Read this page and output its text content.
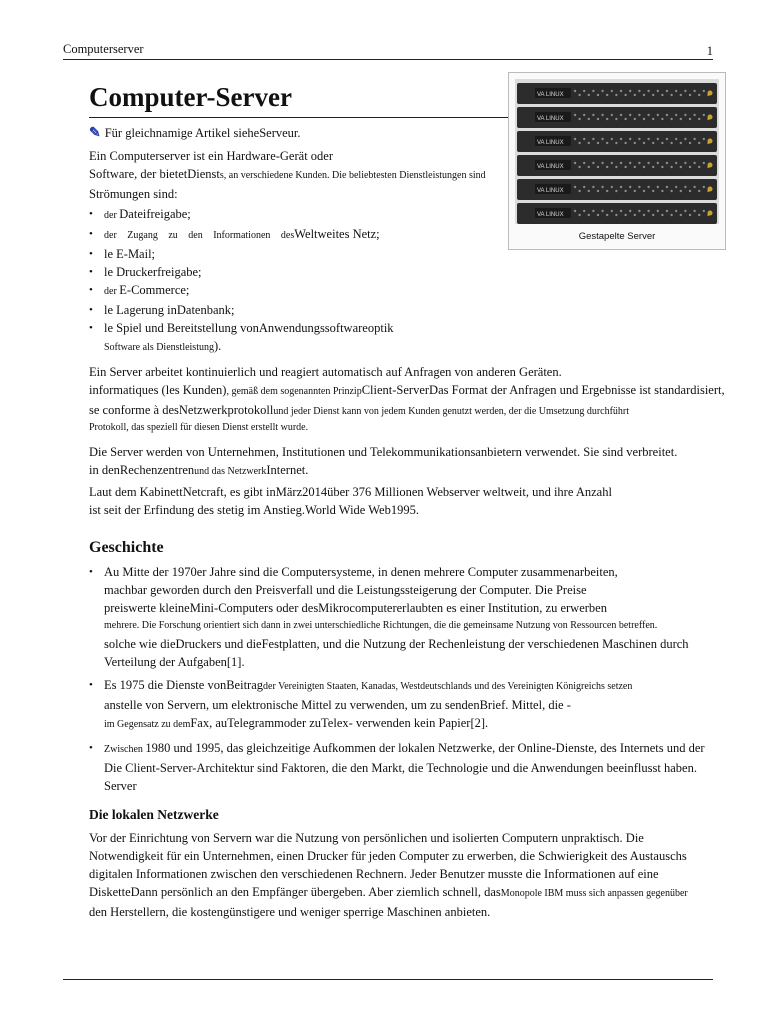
Computerserver	1
Computer-Server
✎ Für gleichnamige Artikel sieheServeur.

Ein Computerserver ist ein Hardware-Gerät oder

Software, der bietetDiensts, an verschiedene Kunden. Die beliebtesten Dienstleistungen sind

Strömungen sind:

• der Dateifreigabe;
• der Zugang zu den Informationen desWeltweites Netz;
• le E-Mail;
• le Druckerfreigabe;
• der E-Commerce;
• le Lagerung inDatenbank;
• le Spiel und Bereitstellung vonAnwendungssoftwareoptik
Software als Dienstleistung).

Ein Server arbeitet kontinuierlich und reagiert automatisch auf Anfragen von anderen Geräten.

informatiques (les Kunden), gemäß dem sogenannten PrinzipClient-ServerDas Format der Anfragen und Ergebnisse ist standardisiert,

se conforme à desNetzwerkprotokollund jeder Dienst kann von jedem Kunden genutzt werden, der die Umsetzung durchführt

Protokoll, das speziell für diesen Dienst erstellt wurde.

Die Server werden von Unternehmen, Institutionen und Telekommunikationsanbietern verwendet. Sie sind verbreitet.

in denRechenzentrenund das NetzwerkInternet.

Laut dem KabinettNetcraft, es gibt inMärz2014über 376 Millionen Webserver weltweit, und ihre Anzahl

ist seit der Erfindung des stetig im Anstieg.World Wide Web1995.

Geschichte
• Au Mitte der 1970er Jahre sind die Computersysteme, in denen mehrere Computer zusammenarbeiten,
machbar geworden durch den Preisverfall und die Leistungssteigerung der Computer. Die Preise
preiswerte kleineMini-Computers oder desMikrocomputererlaubten es einer Institution, zu erwerben
mehrere. Die Forschung orientiert sich dann in zwei unterschiedliche Richtungen, die die gemeinsame Nutzung von Ressourcen betreffen.
solche wie dieDruckers und dieFestplatten, und die Nutzung der Rechenleistung der verschiedenen Maschinen durch
Verteilung der Aufgaben[1].
• Es 1975 die Dienste vonBeitragder Vereinigten Staaten, Kanadas, Westdeutschlands und des Vereinigten Königreichs setzen
anstelle von Servern, um elektronische Mittel zu verwenden, um zu sendenBrief. Mittel, die -
im Gegensatz zu demFax, auTelegrammoder zuTelex- verwenden kein Papier[2].
• Zwischen 1980 und 1995, das gleichzeitige Aufkommen der lokalen Netzwerke, der Online-Dienste, des Internets und der
Die Client-Server-Architektur sind Faktoren, die den Markt, die Technologie und die Anwendungen beeinflusst haben.
Server
Die lokalen Netzwerke

Vor der Einrichtung von Servern war die Nutzung von persönlichen und isolierten Computern unpraktisch. Die

Notwendigkeit für ein Unternehmen, einen Drucker für jeden Computer zu erwerben, die Schwierigkeit des Austauschs

digitalen Informationen zwischen den verschiedenen Rechnern. Jeder Benutzer musste die Informationen auf eine

DisketteDann persönlich an den Empfänger übergeben. Aber ziemlich schnell, dasMonopole IBM muss sich anpassen gegenüber

den Herstellern, die kostengünstigere und weniger sperrige Maschinen anbieten.

VA LINUX
VA LINUX
VA LINUX
VA LINUX
VA LINUX
VA LINUX
Gestapelte Server
